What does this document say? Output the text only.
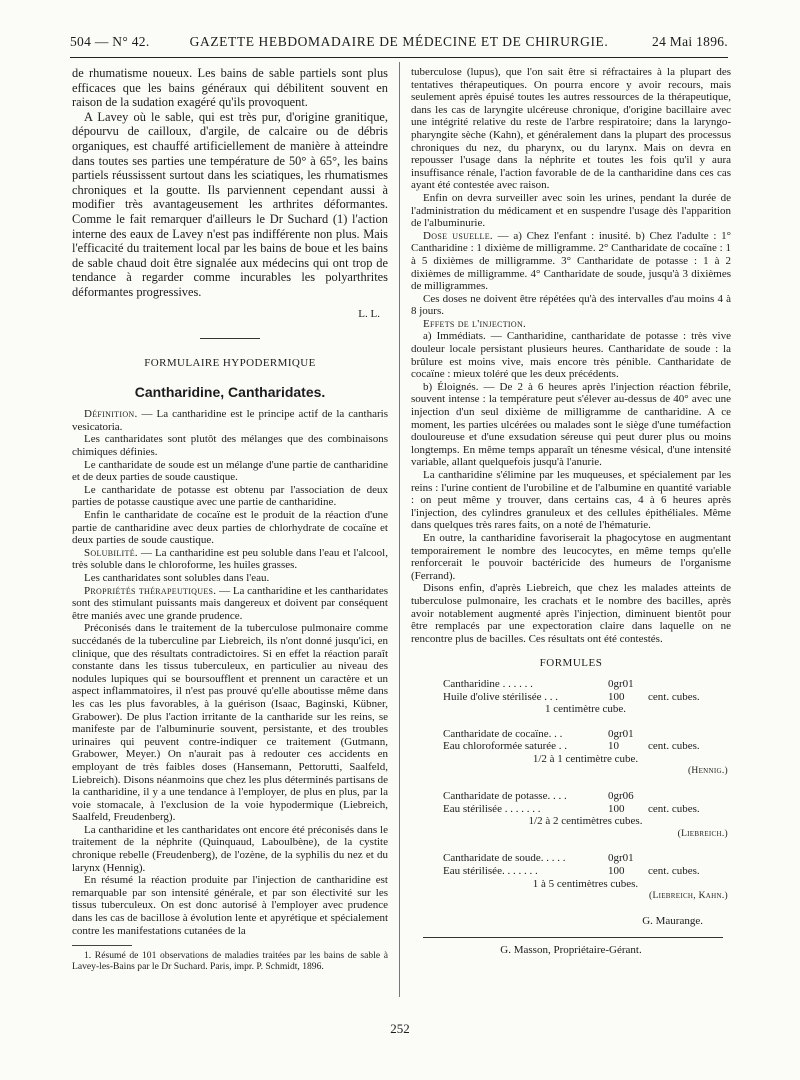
504 — N° 42.	GAZETTE HEBDOMADAIRE DE MÉDECINE ET DE CHIRURGIE.	24 Mai 1896.

de rhumatisme noueux. Les bains de sable partiels sont plus efficaces que les bains généraux qui débilitent souvent en raison de la sudation exagéré qu'ils provoquent.

A Lavey où le sable, qui est très pur, d'origine granitique, dépourvu de cailloux, d'argile, de calcaire ou de débris organiques, est chauffé artificiellement de manière à atteindre dans toutes ses parties une température de 50° à 65°, les bains partiels réussissent surtout dans les sciatiques, les rhumatismes chroniques et la goutte. Ils parviennent cependant aussi à modifier très avantageusement les arthrites déformantes. Comme le fait remarquer d'ailleurs le Dr Suchard (1) l'action interne des eaux de Lavey n'est pas indifférente non plus. Mais l'efficacité du traitement local par les bains de boue et les bains de sable chaud doit être signalée aux médecins qui ont trop de tendance à regarder comme incurables les polyarthrites déformantes progressives.

L. L.
FORMULAIRE HYPODERMIQUE
Cantharidine, Cantharidates.

Définition. — La cantharidine est le principe actif de la cantharis vesicatoria.

Les cantharidates sont plutôt des mélanges que des combinaisons chimiques définies.

Le cantharidate de soude est un mélange d'une partie de cantharidine et de deux parties de soude caustique.

Le cantharidate de potasse est obtenu par l'association de deux parties de potasse caustique avec une partie de cantharidine.

Enfin le cantharidate de cocaïne est le produit de la réaction d'une partie de cantharidine avec deux parties de chlorhydrate de cocaïne et deux parties de soude caustique.

Solubilité. — La cantharidine est peu soluble dans l'eau et l'alcool, très soluble dans le chloroforme, les huiles grasses.

Les cantharidates sont solubles dans l'eau.

Propriétés thérapeutiques. — La cantharidine et les cantharidates sont des stimulant puissants mais dangereux et doivent par conséquent être maniés avec une grande prudence.

Préconisés dans le traitement de la tuberculose pulmonaire comme succédanés de la tuberculine par Liebreich, ils n'ont donné jusqu'ici, en clinique, que des résultats contradictoires. Si en effet la réaction paraît constante dans les tissus tuberculeux, en particulier au niveau des nodules lupiques qui se boursoufflent et prennent un caractère et un aspect inflammatoires, il n'est pas prouvé qu'elle aboutisse même dans les cas les plus favorables, à la guérison (Isaac, Baginski, Kübner, Grabower). De plus l'action irritante de la cantharide sur les reins, se manifeste par de l'albuminurie souvent, persistante, et des troubles urinaires qui peuvent contre-indiquer ce traitement (Gutmann, Grabower, Meyer.) On n'aurait pas à redouter ces accidents en employant de très faibles doses (Hansemann, Pettorutti, Saalfeld, Liebreich). Disons néanmoins que chez les plus déterminés partisans de la cantharidine, il y a une tendance à l'employer, de plus en plus, par la voie stomacale, à l'exclusion de la voie hypodermique (Liebreich, Saalfeld, Freudenberg).

La cantharidine et les cantharidates ont encore été préconisés dans le traitement de la néphrite (Quinquaud, Laboulbène), de la cystite chronique rebelle (Freudenberg), de l'ozène, de la syphilis du nez et du larynx (Hennig).

En résumé la réaction produite par l'injection de cantharidine est remarquable par son intensité générale, et par son électivité sur les tissus tuberculeux. On est donc autorisé à l'employer avec prudence dans les cas de bacillose à évolution lente et apyrétique et spécialement contre les manifestations cutanées de la

1. Résumé de 101 observations de maladies traitées par les bains de sable à Lavey-les-Bains par le Dr Suchard. Paris, impr. P. Schmidt, 1896.

tuberculose (lupus), que l'on sait être si réfractaires à la plupart des tentatives thérapeutiques. On pourra encore y avoir recours, mais seulement après épuisé toutes les autres ressources de la thérapeutique, dans les cas de laryngite ulcéreuse chronique, d'origine bacillaire avec une intégrité relative du reste de l'arbre respiratoire; dans la laryngo-pharyngite sèche (Kahn), et généralement dans la plupart des processus chroniques du nez, du pharynx, ou du larynx. Mais on devra en repousser l'usage dans la néphrite et toutes les fois qu'il y aura insuffisance rénale, l'action favorable de de la cantharidine dans ces cas ayant été contestée avec raison.

Enfin on devra surveiller avec soin les urines, pendant la durée de l'administration du médicament et en suspendre l'usage dès l'apparition de l'albuminurie.

Dose usuelle. — a) Chez l'enfant : inusité. b) Chez l'adulte : 1° Cantharidine : 1 dixième de milligramme. 2° Cantharidate de cocaïne : 1 à 5 dixièmes de milligramme. 3° Cantharidate de potasse : 1 à 2 dixièmes de milligramme. 4° Cantharidate de soude, jusqu'à 3 dixièmes de milligrammes.

Ces doses ne doivent être répétées qu'à des intervalles d'au moins 4 à 8 jours.

Effets de l'injection.

a) Immédiats. — Cantharidine, cantharidate de potasse : très vive douleur locale persistant plusieurs heures. Cantharidate de soude : la brûlure est moins vive, mais encore très pénible. Cantharidate de cocaïne : mieux toléré que les deux précédents.

b) Éloignés. — De 2 à 6 heures après l'injection réaction fébrile, souvent intense : la température peut s'élever au-dessus de 40° avec une injection d'un seul dixième de milligramme de cantharidine. A ce moment, les parties ulcérées ou malades sont le siège d'une tuméfaction douloureuse et d'une exsudation séreuse qui peut durer plus ou moins longtemps. En même temps apparaît un ténesme vésical, d'une intensité variable, allant quelquefois jusqu'à l'anurie.

La cantharidine s'élimine par les muqueuses, et spécialement par les reins : l'urine contient de l'urobiline et de l'albumine en quantité variable : on peut même y trouver, dans certains cas, 4 à 6 heures après l'injection, des cylindres granuleux et des cellules épithéliales. Même dans quelques très rares faits, on a noté de l'hématurie.

En outre, la cantharidine favoriserait la phagocytose en augmentant temporairement le nombre des leucocytes, en même temps qu'elle renforcerait le pouvoir bactéricide des humeurs de l'organisme (Ferrand).

Disons enfin, d'après Liebreich, que chez les malades atteints de tuberculose pulmonaire, les crachats et le nombre des bacilles, après avoir notablement augmenté après l'injection, diminuent bientôt pour être remplacés par une expectoration claire dans laquelle on ne rencontre plus de bacilles. Ces résultats ont été contestés.

FORMULES
Cantharidine . . . . . .	0gr01
Huile d'olive stérilisée . . .	100	cent. cubes.
1 centimètre cube.
Cantharidate de cocaïne. . .	0gr01
Eau chloroformée saturée . .	10	cent. cubes.
1/2 à 1 centimètre cube.
(Hennig.)
Cantharidate de potasse. . . .	0gr06
Eau stérilisée . . . . . . .	100	cent. cubes.
1/2 à 2 centimètres cubes.
(Liebreich.)
Cantharidate de soude. . . . .	0gr01
Eau stérilisée. . . . . . .	100	cent. cubes.
1 à 5 centimètres cubes.
(Liebreich, Kahn.)
G. Maurange.
G. Masson, Propriétaire-Gérant.
252
